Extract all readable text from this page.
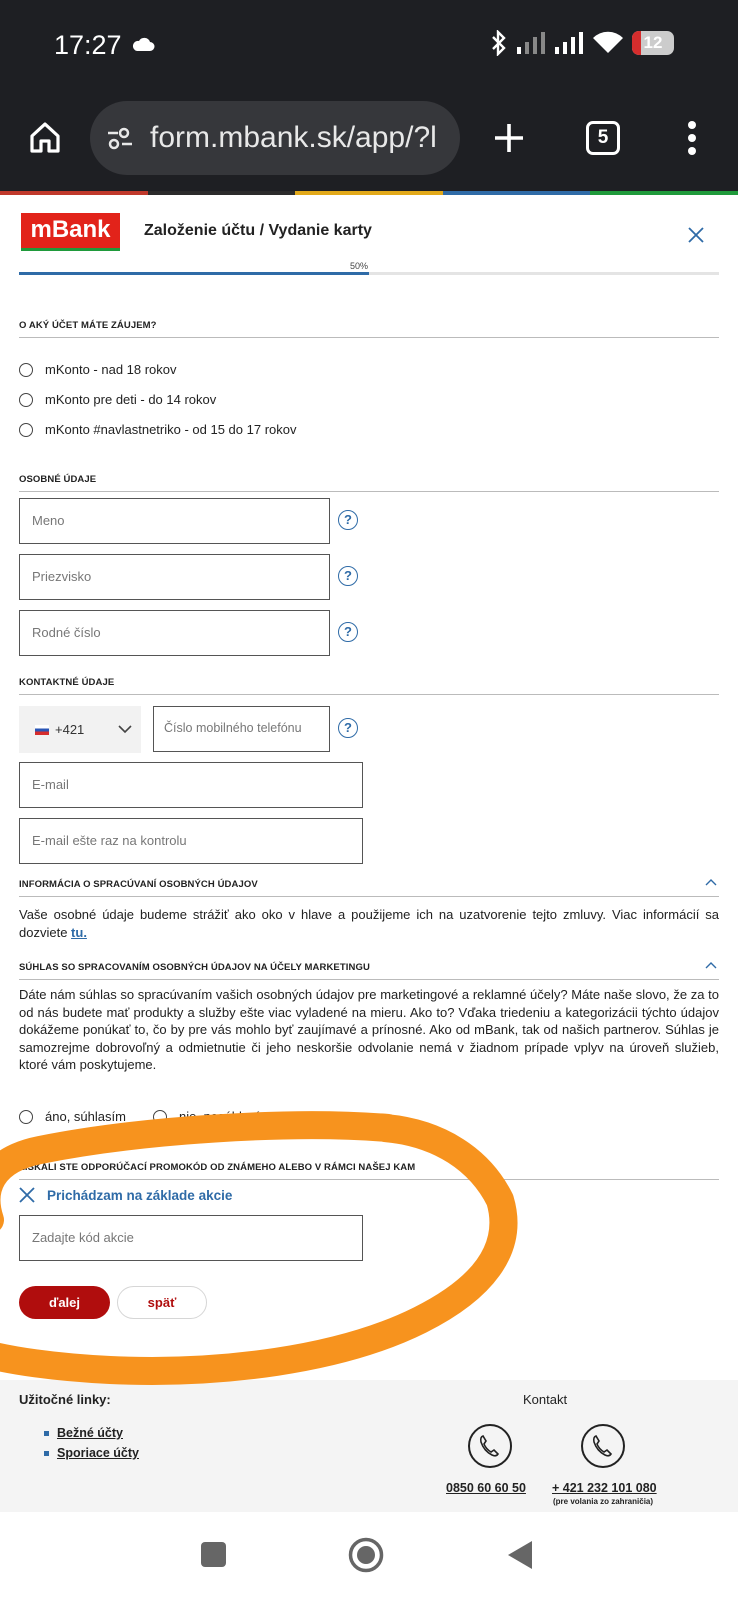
17:27	12
form.mbank.sk/app/?l	5
mBank	Založenie účtu / Vydanie karty
50%
O AKÝ ÚČET MÁTE ZÁUJEM?
mKonto - nad 18 rokov
mKonto pre deti - do 14 rokov
mKonto #navlastnetriko - od 15 do 17 rokov
OSOBNÉ ÚDAJE
Meno	?
Priezvisko	?
Rodné číslo	?
KONTAKTNÉ ÚDAJE
+421	Číslo mobilného telefónu	?
E-mail
E-mail ešte raz na kontrolu
INFORMÁCIA O SPRACÚVANÍ OSOBNÝCH ÚDAJOV
Vaše osobné údaje budeme strážiť ako oko v hlave a použijeme ich na uzatvorenie tejto zmluvy. Viac informácií sa dozviete tu.
SÚHLAS SO SPRACOVANÍM OSOBNÝCH ÚDAJOV NA ÚČELY MARKETINGU
Dáte nám súhlas so spracúvaním vašich osobných údajov pre marketingové a reklamné účely? Máte naše slovo, že za to od nás budete mať produkty a služby ešte viac vyladené na mieru. Ako to? Vďaka triedeniu a kategorizácii týchto údajov dokážeme ponúkať to, čo by pre vás mohlo byť zaujímavé a prínosné. Ako od mBank, tak od našich partnerov. Súhlas je samozrejme dobrovoľný a odmietnutie či jeho neskoršie odvolanie nemá v žiadnom prípade vplyv na úroveň služieb, ktoré vám poskytujeme.
áno, súhlasím	nie, nesúhlasím
ZÍSKALI STE ODPORÚČACÍ PROMOKÓD OD ZNÁMEHO ALEBO V RÁMCI NAŠEJ KAM
Prichádzam na základe akcie
Zadajte kód akcie
ďalej	späť
Užitočné linky:
Bežné účty
Sporiace účty
Kontakt
0850 60 60 50 + 421 232 101 080
(pre volania zo zahraničia)
